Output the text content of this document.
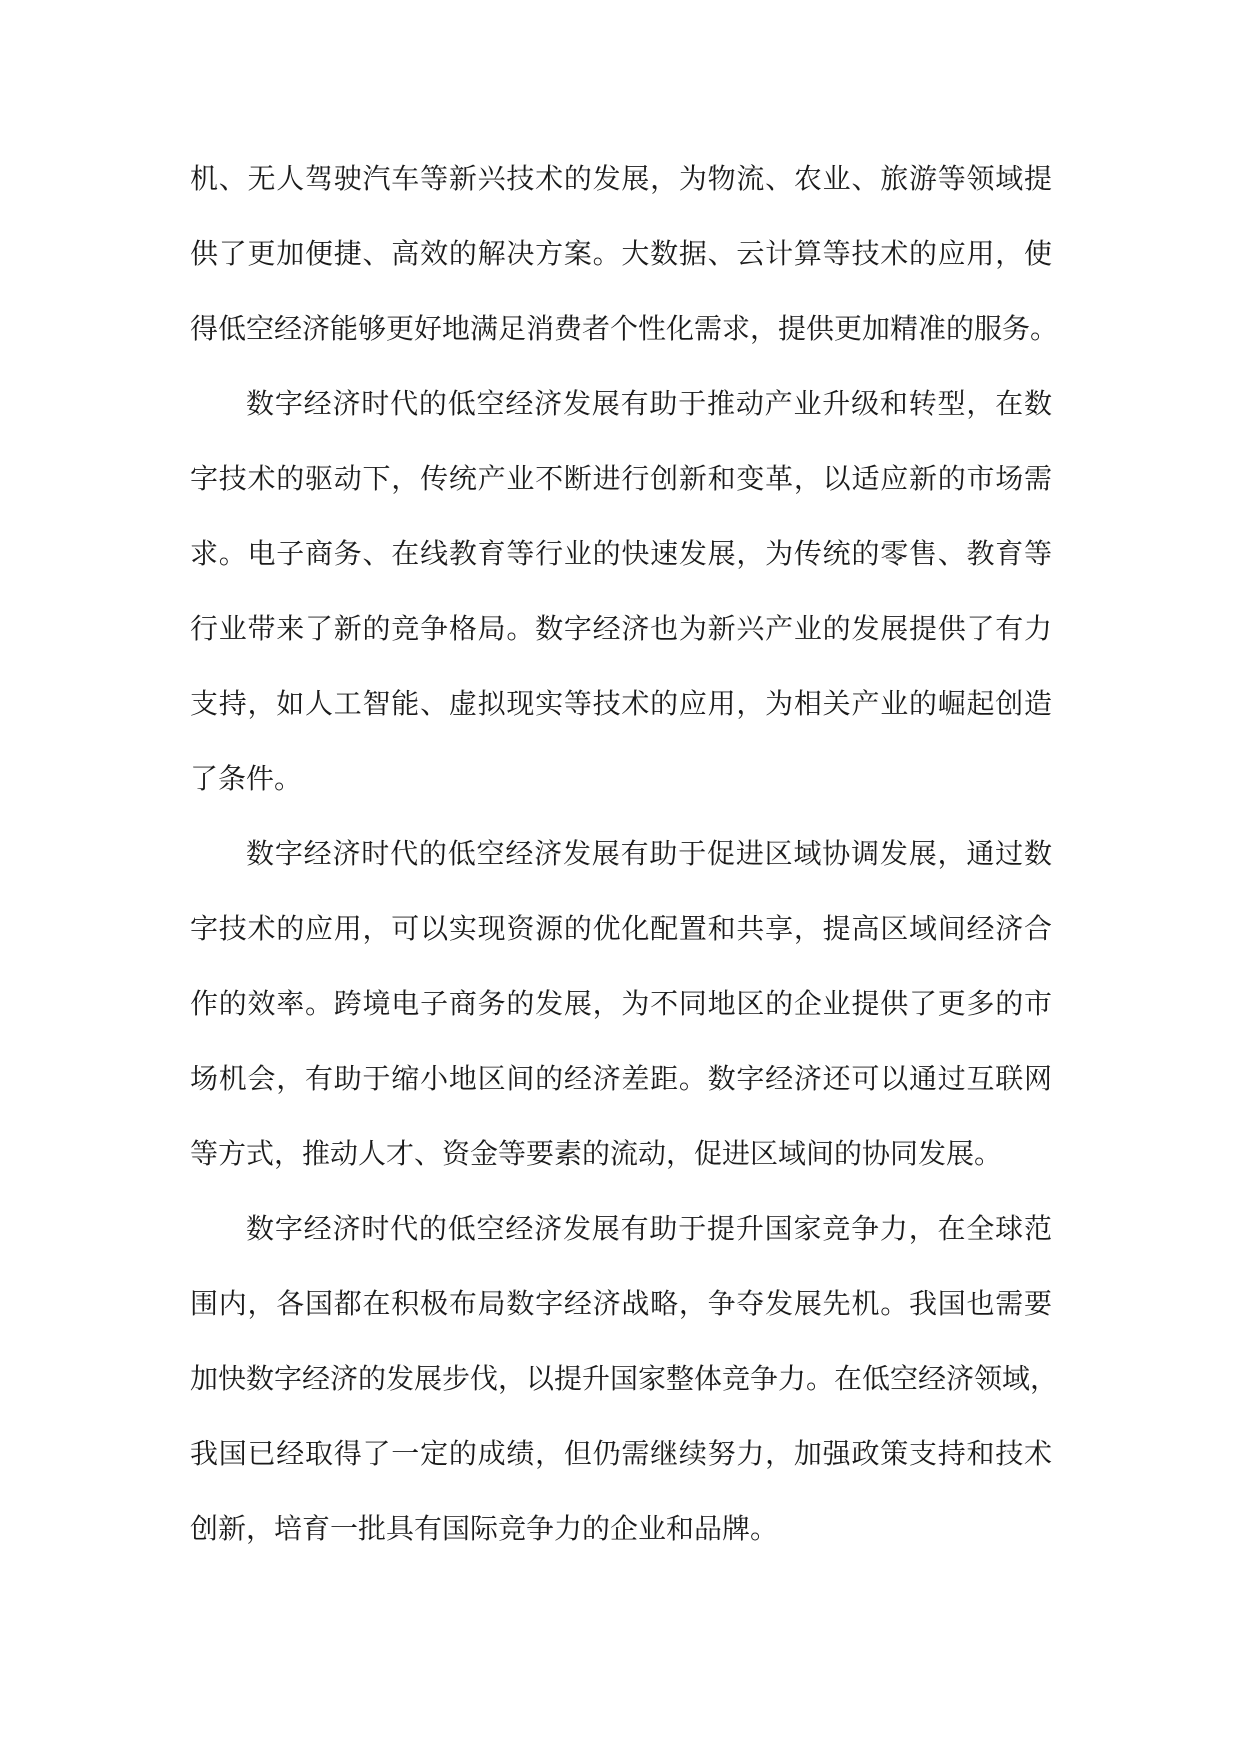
机、无人驾驶汽车等新兴技术的发展，为物流、农业、旅游等领域提
供了更加便捷、高效的解决方案。大数据、云计算等技术的应用，使
得低空经济能够更好地满足消费者个性化需求，提供更加精准的服务。
数字经济时代的低空经济发展有助于推动产业升级和转型，在数
字技术的驱动下，传统产业不断进行创新和变革，以适应新的市场需
求。电子商务、在线教育等行业的快速发展，为传统的零售、教育等
行业带来了新的竞争格局。数字经济也为新兴产业的发展提供了有力
支持，如人工智能、虚拟现实等技术的应用，为相关产业的崛起创造
了条件。
数字经济时代的低空经济发展有助于促进区域协调发展，通过数
字技术的应用，可以实现资源的优化配置和共享，提高区域间经济合
作的效率。跨境电子商务的发展，为不同地区的企业提供了更多的市
场机会，有助于缩小地区间的经济差距。数字经济还可以通过互联网
等方式，推动人才、资金等要素的流动，促进区域间的协同发展。
数字经济时代的低空经济发展有助于提升国家竞争力，在全球范
围内，各国都在积极布局数字经济战略，争夺发展先机。我国也需要
加快数字经济的发展步伐，以提升国家整体竞争力。在低空经济领域，
我国已经取得了一定的成绩，但仍需继续努力，加强政策支持和技术
创新，培育一批具有国际竞争力的企业和品牌。
